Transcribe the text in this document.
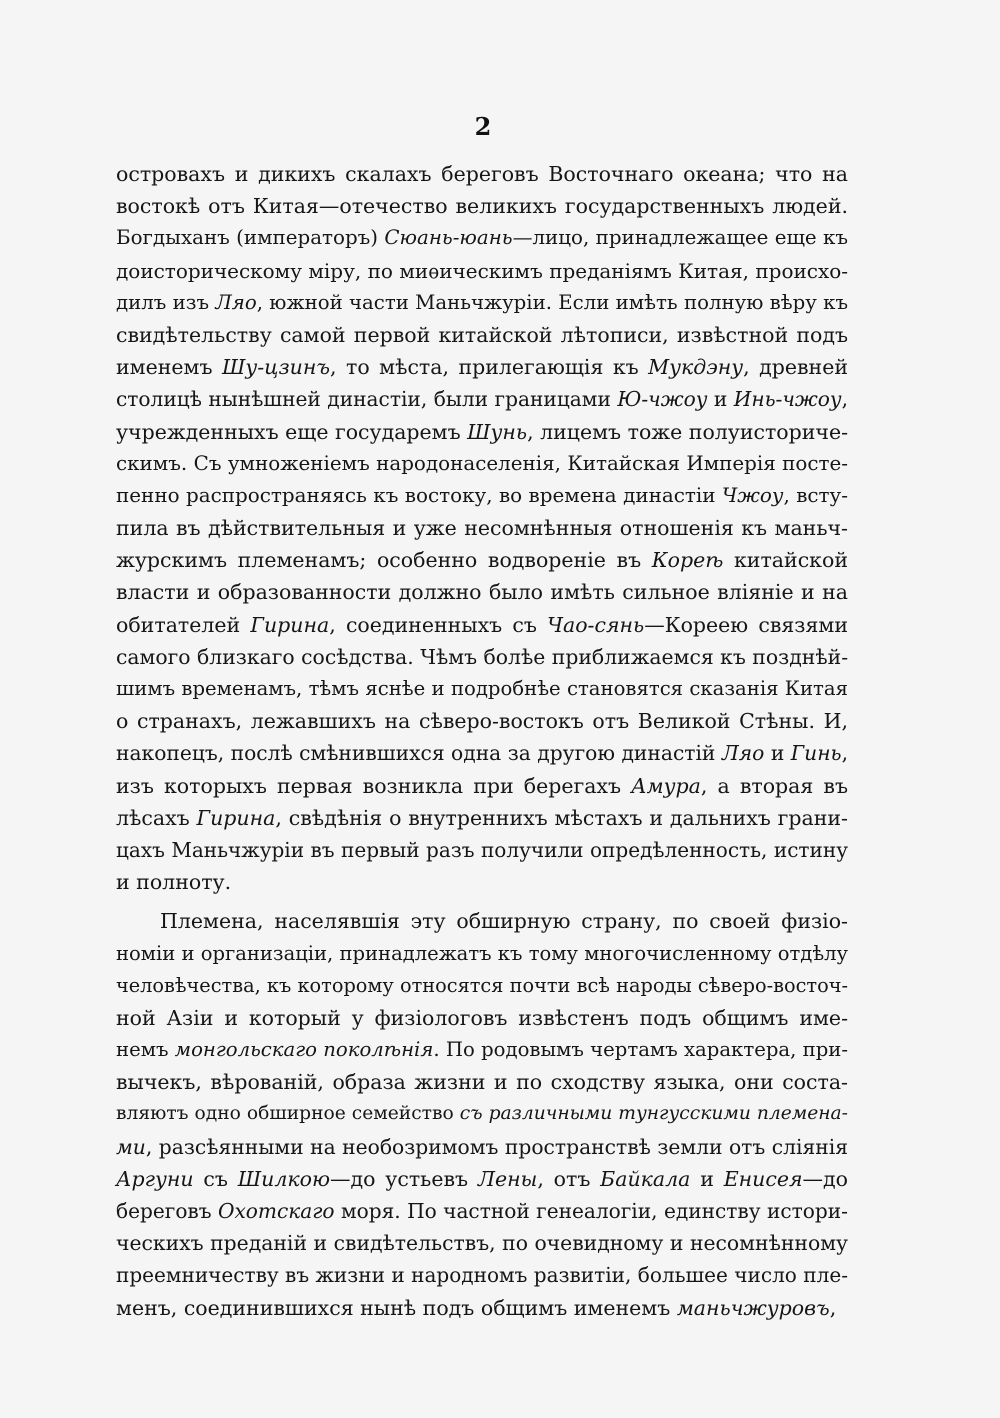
2
островахъ и дикихъ скалахъ береговъ Восточнаго океана; что на
востокѣ отъ Китая—отечество великихъ государственныхъ людей.
Богдыханъ (императоръ) Сюань-юань—лицо, принадлежащее еще къ
доисторическому міру, по миѳическимъ преданіямъ Китая, происхо-
дилъ изъ Ляо, южной части Маньчжуріи. Если имѣть полную вѣру къ
свидѣтельству самой первой китайской лѣтописи, извѣстной подъ
именемъ Шу-цзинъ, то мѣста, прилегающія къ Мукдэну, древней
столицѣ нынѣшней династіи, были границами Ю-чжоу и Инь-чжоу,
учрежденныхъ еще государемъ Шунь, лицемъ тоже полуисториче-
скимъ. Съ умноженіемъ народонаселенія, Китайская Имперія посте-
пенно распространяясь къ востоку, во времена династіи Чжоу, всту-
пила въ дѣйствительныя и уже несомнѣнныя отношенія къ маньч-
журскимъ племенамъ; особенно водвореніе въ Кореѣ китайской
власти и образованности должно было имѣть сильное вліяніе и на
обитателей Гирина, соединенныхъ съ Чао-сянь—Кореею связями
самого близкаго сосѣдства. Чѣмъ болѣе приближаемся къ позднѣй-
шимъ временамъ, тѣмъ яснѣе и подробнѣе становятся сказанія Китая
о странахъ, лежавшихъ на сѣверо-востокъ отъ Великой Стѣны. И,
накопецъ, послѣ смѣнившихся одна за другою династій Ляо и Гинь,
изъ которыхъ первая возникла при берегахъ Амура, а вторая въ
лѣсахъ Гирина, свѣдѣнія о внутреннихъ мѣстахъ и дальнихъ грани-
цахъ Маньчжуріи въ первый разъ получили опредѣленность, истину
и полноту.
Племена, населявшія эту обширную страну, по своей физіо-
номіи и организаціи, принадлежатъ къ тому многочисленному отдѣлу
человѣчества, къ которому относятся почти всѣ народы сѣверо-восточ-
ной Азіи и который у физіологовъ извѣстенъ подъ общимъ име-
немъ монгольскаго поколѣнія. По родовымъ чертамъ характера, при-
вычекъ, вѣрованій, образа жизни и по сходству языка, они соста-
вляютъ одно обширное семейство съ различными тунгусскими племена-
ми, разсѣянными на необозримомъ пространствѣ земли отъ сліянія
Аргуни съ Шилкою—до устьевъ Лены, отъ Байкала и Енисея—до
береговъ Охотскаго моря. По частной генеалогіи, единству истори-
ческихъ преданій и свидѣтельствъ, по очевидному и несомнѣнному
преемничеству въ жизни и народномъ развитіи, большее число пле-
менъ, соединившихся нынѣ подъ общимъ именемъ маньчжуровъ,
